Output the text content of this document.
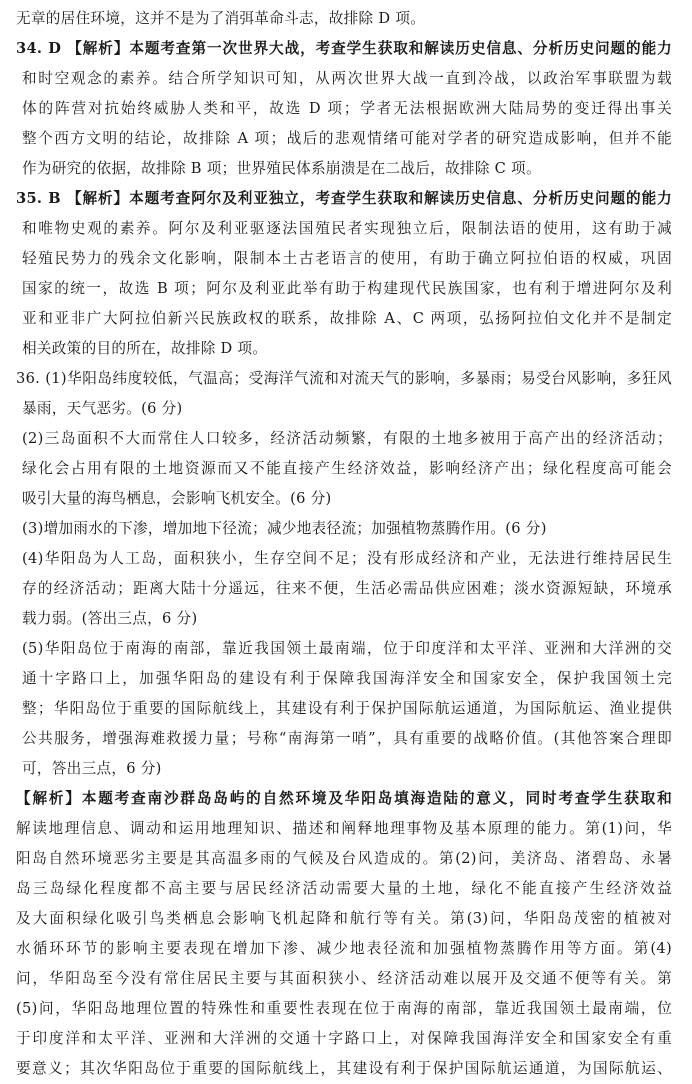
无章的居住环境，这并不是为了消弭革命斗志，故排除 D 项。
34. D 【解析】本题考查第一次世界大战，考查学生获取和解读历史信息、分析历史问题的能力
和时空观念的素养。结合所学知识可知，从两次世界大战一直到冷战，以政治军事联盟为载
体的阵营对抗始终威胁人类和平，故选 D 项；学者无法根据欧洲大陆局势的变迁得出事关
整个西方文明的结论，故排除 A 项；战后的悲观情绪可能对学者的研究造成影响，但并不能
作为研究的依据，故排除 B 项；世界殖民体系崩溃是在二战后，故排除 C 项。
35. B 【解析】本题考查阿尔及利亚独立，考查学生获取和解读历史信息、分析历史问题的能力
和唯物史观的素养。阿尔及利亚驱逐法国殖民者实现独立后，限制法语的使用，这有助于减
轻殖民势力的残余文化影响，限制本土古老语言的使用，有助于确立阿拉伯语的权威，巩固
国家的统一，故选 B 项；阿尔及利亚此举有助于构建现代民族国家，也有利于增进阿尔及利
亚和亚非广大阿拉伯新兴民族政权的联系，故排除 A、C 两项，弘扬阿拉伯文化并不是制定
相关政策的目的所在，故排除 D 项。
36. (1)华阳岛纬度较低，气温高；受海洋气流和对流天气的影响，多暴雨；易受台风影响，多狂风
暴雨，天气恶劣。(6 分)
(2)三岛面积不大而常住人口较多，经济活动频繁，有限的土地多被用于高产出的经济活动；
绿化会占用有限的土地资源而又不能直接产生经济效益，影响经济产出；绿化程度高可能会
吸引大量的海鸟栖息，会影响飞机安全。(6 分)
(3)增加雨水的下渗，增加地下径流；减少地表径流；加强植物蒸腾作用。(6 分)
(4)华阳岛为人工岛，面积狭小，生存空间不足；没有形成经济和产业，无法进行维持居民生
存的经济活动；距离大陆十分遥远，往来不便，生活必需品供应困难；淡水资源短缺，环境承
载力弱。(答出三点，6 分)
(5)华阳岛位于南海的南部，靠近我国领土最南端，位于印度洋和太平洋、亚洲和大洋洲的交
通十字路口上，加强华阳岛的建设有利于保障我国海洋安全和国家安全，保护我国领土完
整；华阳岛位于重要的国际航线上，其建设有利于保护国际航运通道，为国际航运、渔业提供
公共服务，增强海难救援力量；号称“南海第一哨”，具有重要的战略价值。(其他答案合理即
可，答出三点，6 分)
【解析】本题考查南沙群岛岛屿的自然环境及华阳岛填海造陆的意义，同时考查学生获取和
解读地理信息、调动和运用地理知识、描述和阐释地理事物及基本原理的能力。第(1)问，华
阳岛自然环境恶劣主要是其高温多雨的气候及台风造成的。第(2)问，美济岛、渚碧岛、永暑
岛三岛绿化程度都不高主要与居民经济活动需要大量的土地，绿化不能直接产生经济效益
及大面积绿化吸引鸟类栖息会影响飞机起降和航行等有关。第(3)问，华阳岛茂密的植被对
水循环环节的影响主要表现在增加下渗、减少地表径流和加强植物蒸腾作用等方面。第(4)
问，华阳岛至今没有常住居民主要与其面积狭小、经济活动难以展开及交通不便等有关。第
(5)问，华阳岛地理位置的特殊性和重要性表现在位于南海的南部，靠近我国领土最南端，位
于印度洋和太平洋、亚洲和大洋洲的交通十字路口上，对保障我国海洋安全和国家安全有重
要意义；其次华阳岛位于重要的国际航线上，其建设有利于保护国际航运通道，为国际航运、
